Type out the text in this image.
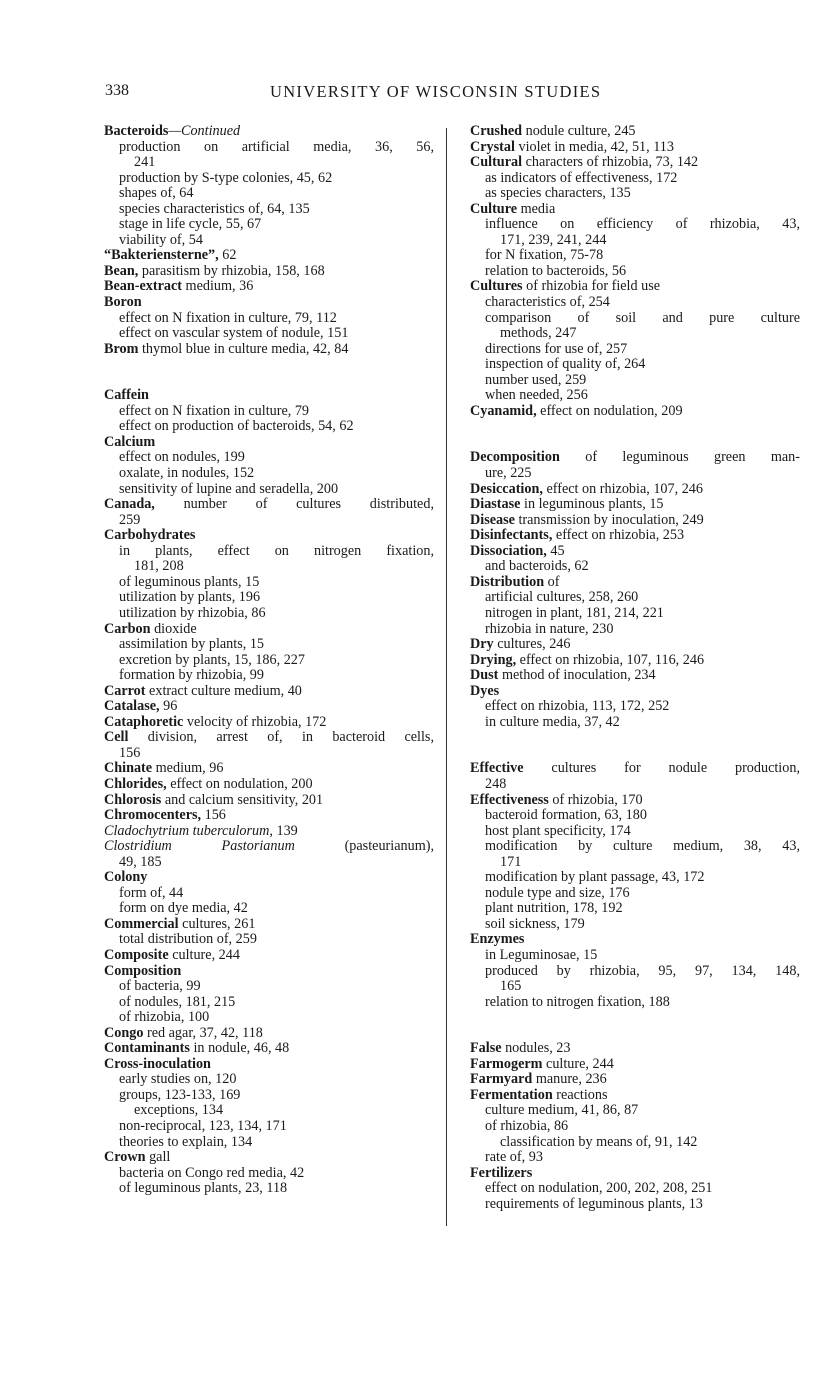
338	UNIVERSITY OF WISCONSIN STUDIES
Bacteroids—Continued
production on artificial media, 36, 56,
241
production by S-type colonies, 45, 62
shapes of, 64
species characteristics of, 64, 135
stage in life cycle, 55, 67
viability of, 54
“Bakteriensterne”, 62
Bean, parasitism by rhizobia, 158, 168
Bean-extract medium, 36
Boron
effect on N fixation in culture, 79, 112
effect on vascular system of nodule, 151
Brom thymol blue in culture media, 42, 84
Caffein
effect on N fixation in culture, 79
effect on production of bacteroids, 54, 62
Calcium
effect on nodules, 199
oxalate, in nodules, 152
sensitivity of lupine and seradella, 200
Canada, number of cultures distributed,
259
Carbohydrates
in plants, effect on nitrogen fixation,
181, 208
of leguminous plants, 15
utilization by plants, 196
utilization by rhizobia, 86
Carbon dioxide
assimilation by plants, 15
excretion by plants, 15, 186, 227
formation by rhizobia, 99
Carrot extract culture medium, 40
Catalase, 96
Cataphoretic velocity of rhizobia, 172
Cell division, arrest of, in bacteroid cells,
156
Chinate medium, 96
Chlorides, effect on nodulation, 200
Chlorosis and calcium sensitivity, 201
Chromocenters, 156
Cladochytrium tuberculorum, 139
Clostridium Pastorianum (pasteurianum),
49, 185
Colony
form of, 44
form on dye media, 42
Commercial cultures, 261
total distribution of, 259
Composite culture, 244
Composition
of bacteria, 99
of nodules, 181, 215
of rhizobia, 100
Congo red agar, 37, 42, 118
Contaminants in nodule, 46, 48
Cross-inoculation
early studies on, 120
groups, 123-133, 169
exceptions, 134
non-reciprocal, 123, 134, 171
theories to explain, 134
Crown gall
bacteria on Congo red media, 42
of leguminous plants, 23, 118
Crushed nodule culture, 245
Crystal violet in media, 42, 51, 113
Cultural characters of rhizobia, 73, 142
as indicators of effectiveness, 172
as species characters, 135
Culture media
influence on efficiency of rhizobia, 43,
171, 239, 241, 244
for N fixation, 75-78
relation to bacteroids, 56
Cultures of rhizobia for field use
characteristics of, 254
comparison of soil and pure culture
methods, 247
directions for use of, 257
inspection of quality of, 264
number used, 259
when needed, 256
Cyanamid, effect on nodulation, 209
Decomposition of leguminous green man-
ure, 225
Desiccation, effect on rhizobia, 107, 246
Diastase in leguminous plants, 15
Disease transmission by inoculation, 249
Disinfectants, effect on rhizobia, 253
Dissociation, 45
and bacteroids, 62
Distribution of
artificial cultures, 258, 260
nitrogen in plant, 181, 214, 221
rhizobia in nature, 230
Dry cultures, 246
Drying, effect on rhizobia, 107, 116, 246
Dust method of inoculation, 234
Dyes
effect on rhizobia, 113, 172, 252
in culture media, 37, 42
Effective cultures for nodule production,
248
Effectiveness of rhizobia, 170
bacteroid formation, 63, 180
host plant specificity, 174
modification by culture medium, 38, 43,
171
modification by plant passage, 43, 172
nodule type and size, 176
plant nutrition, 178, 192
soil sickness, 179
Enzymes
in Leguminosae, 15
produced by rhizobia, 95, 97, 134, 148,
165
relation to nitrogen fixation, 188
False nodules, 23
Farmogerm culture, 244
Farmyard manure, 236
Fermentation reactions
culture medium, 41, 86, 87
of rhizobia, 86
classification by means of, 91, 142
rate of, 93
Fertilizers
effect on nodulation, 200, 202, 208, 251
requirements of leguminous plants, 13
